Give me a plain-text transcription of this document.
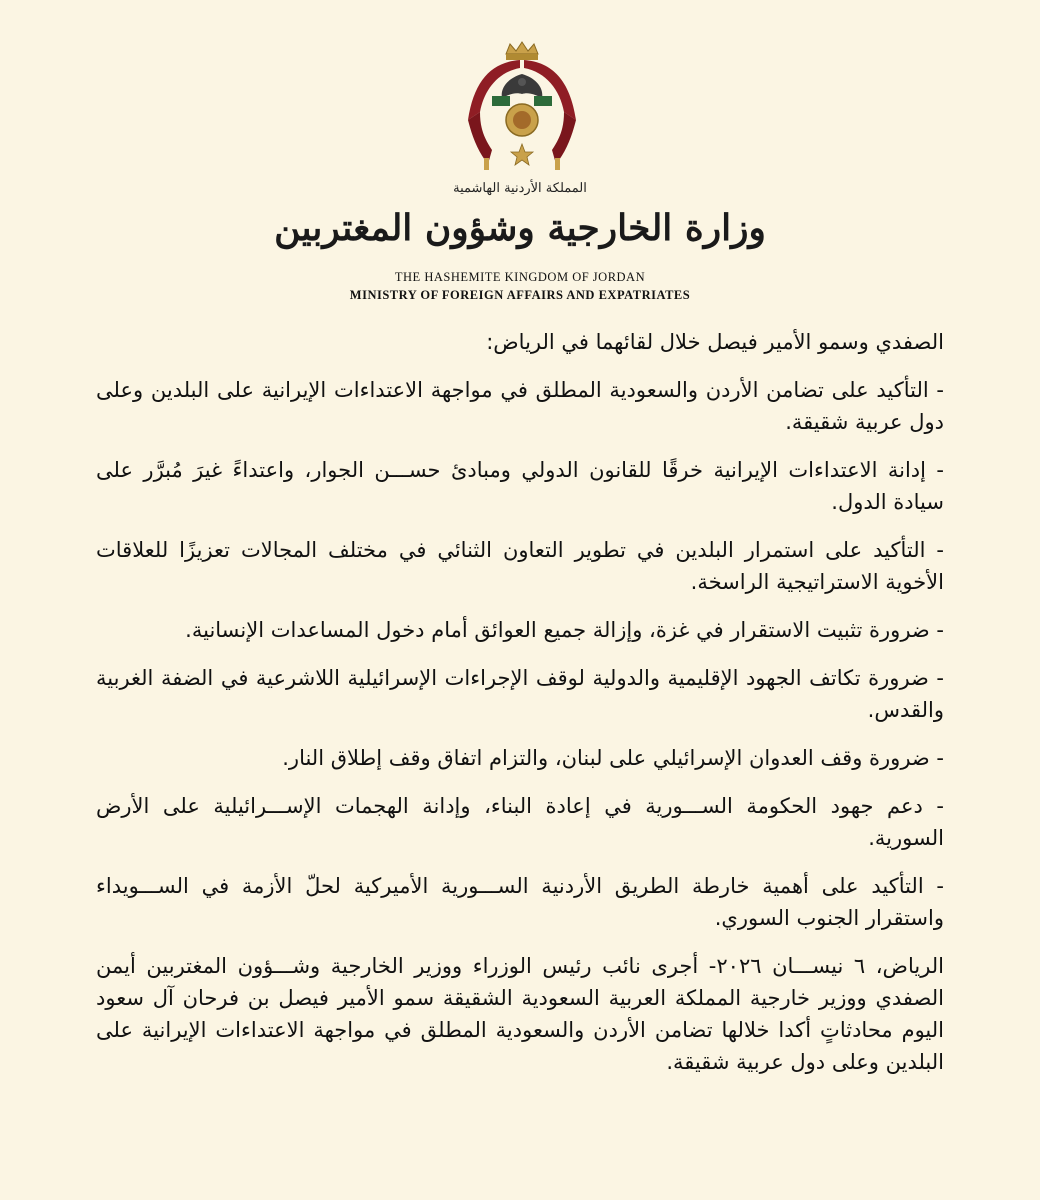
المملكة الأردنية الهاشمية
وزارة الخارجية وشؤون المغتربين
THE HASHEMITE KINGDOM OF JORDAN
MINISTRY OF FOREIGN AFFAIRS AND EXPATRIATES

الصفدي وسمو الأمير فيصل خلال لقائهما في الرياض:

- التأكيد على تضامن الأردن والسعودية المطلق في مواجهة الاعتداءات الإيرانية على البلدين وعلى دول عربية شقيقة.

- إدانة الاعتداءات الإيرانية خرقًا للقانون الدولي ومبادئ حســـن الجوار، واعتداءً غيرَ مُبرَّر على سيادة الدول.

- التأكيد على استمرار البلدين في تطوير التعاون الثنائي في مختلف المجالات تعزيزًا للعلاقات الأخوية الاستراتيجية الراسخة.

- ضرورة تثبيت الاستقرار في غزة، وإزالة جميع العوائق أمام دخول المساعدات الإنسانية.

- ضرورة تكاتف الجهود الإقليمية والدولية لوقف الإجراءات الإسرائيلية اللاشرعية في الضفة الغربية والقدس.

- ضرورة وقف العدوان الإسرائيلي على لبنان، والتزام اتفاق وقف إطلاق النار.

- دعم جهود الحكومة الســـورية في إعادة البناء، وإدانة الهجمات الإســـرائيلية على الأرض السورية.

- التأكيد على أهمية خارطة الطريق الأردنية الســـورية الأميركية لحلّ الأزمة في الســـويداء واستقرار الجنوب السوري.

الرياض، ٦ نيســـان ٢٠٢٦- أجرى نائب رئيس الوزراء ووزير الخارجية وشـــؤون المغتربين أيمن الصفدي ووزير خارجية المملكة العربية السعودية الشقيقة سمو الأمير فيصل بن فرحان آل سعود اليوم محادثاتٍ أكدا خلالها تضامن الأردن والسعودية المطلق في مواجهة الاعتداءات الإيرانية على البلدين وعلى دول عربية شقيقة.
